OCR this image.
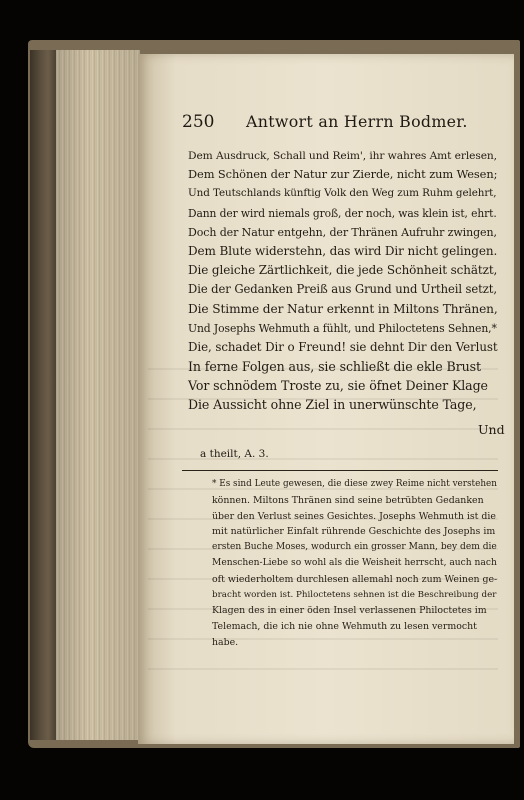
250 Antwort an Herrn Bodmer.
Dem Ausdruck, Schall und Reim', ihr wahres Amt erlesen,
Dem Schönen der Natur zur Zierde, nicht zum Wesen;
Und Teutschlands künftig Volk den Weg zum Ruhm gelehrt,
Dann der wird niemals groß, der noch, was klein ist, ehrt.
Doch der Natur entgehn, der Thränen Aufruhr zwingen,
Dem Blute widerstehn, das wird Dir nicht gelingen.
Die gleiche Zärtlichkeit, die jede Schönheit schätzt,
Die der Gedanken Preiß aus Grund und Urtheil setzt,
Die Stimme der Natur erkennt in Miltons Thränen,
Und Josephs Wehmuth a fühlt, und Philoctetens Sehnen,*
Die, schadet Dir o Freund! sie dehnt Dir den Verlust
In ferne Folgen aus, sie schließt die ekle Brust
Vor schnödem Troste zu, sie öfnet Deiner Klage
Die Aussicht ohne Ziel in unerwünschte Tage,
Und
a theilt, A. 3.
* Es sind Leute gewesen, die diese zwey Reime nicht verstehen
können. Miltons Thränen sind seine betrübten Gedanken
über den Verlust seines Gesichtes. Josephs Wehmuth ist die
mit natürlicher Einfalt rührende Geschichte des Josephs im
ersten Buche Moses, wodurch ein grosser Mann, bey dem die
Menschen-Liebe so wohl als die Weisheit herrscht, auch nach
oft wiederholtem durchlesen allemahl noch zum Weinen ge-
bracht worden ist. Philoctetens sehnen ist die Beschreibung der
Klagen des in einer öden Insel verlassenen Philoctetes im
Telemach, die ich nie ohne Wehmuth zu lesen vermocht
habe.
